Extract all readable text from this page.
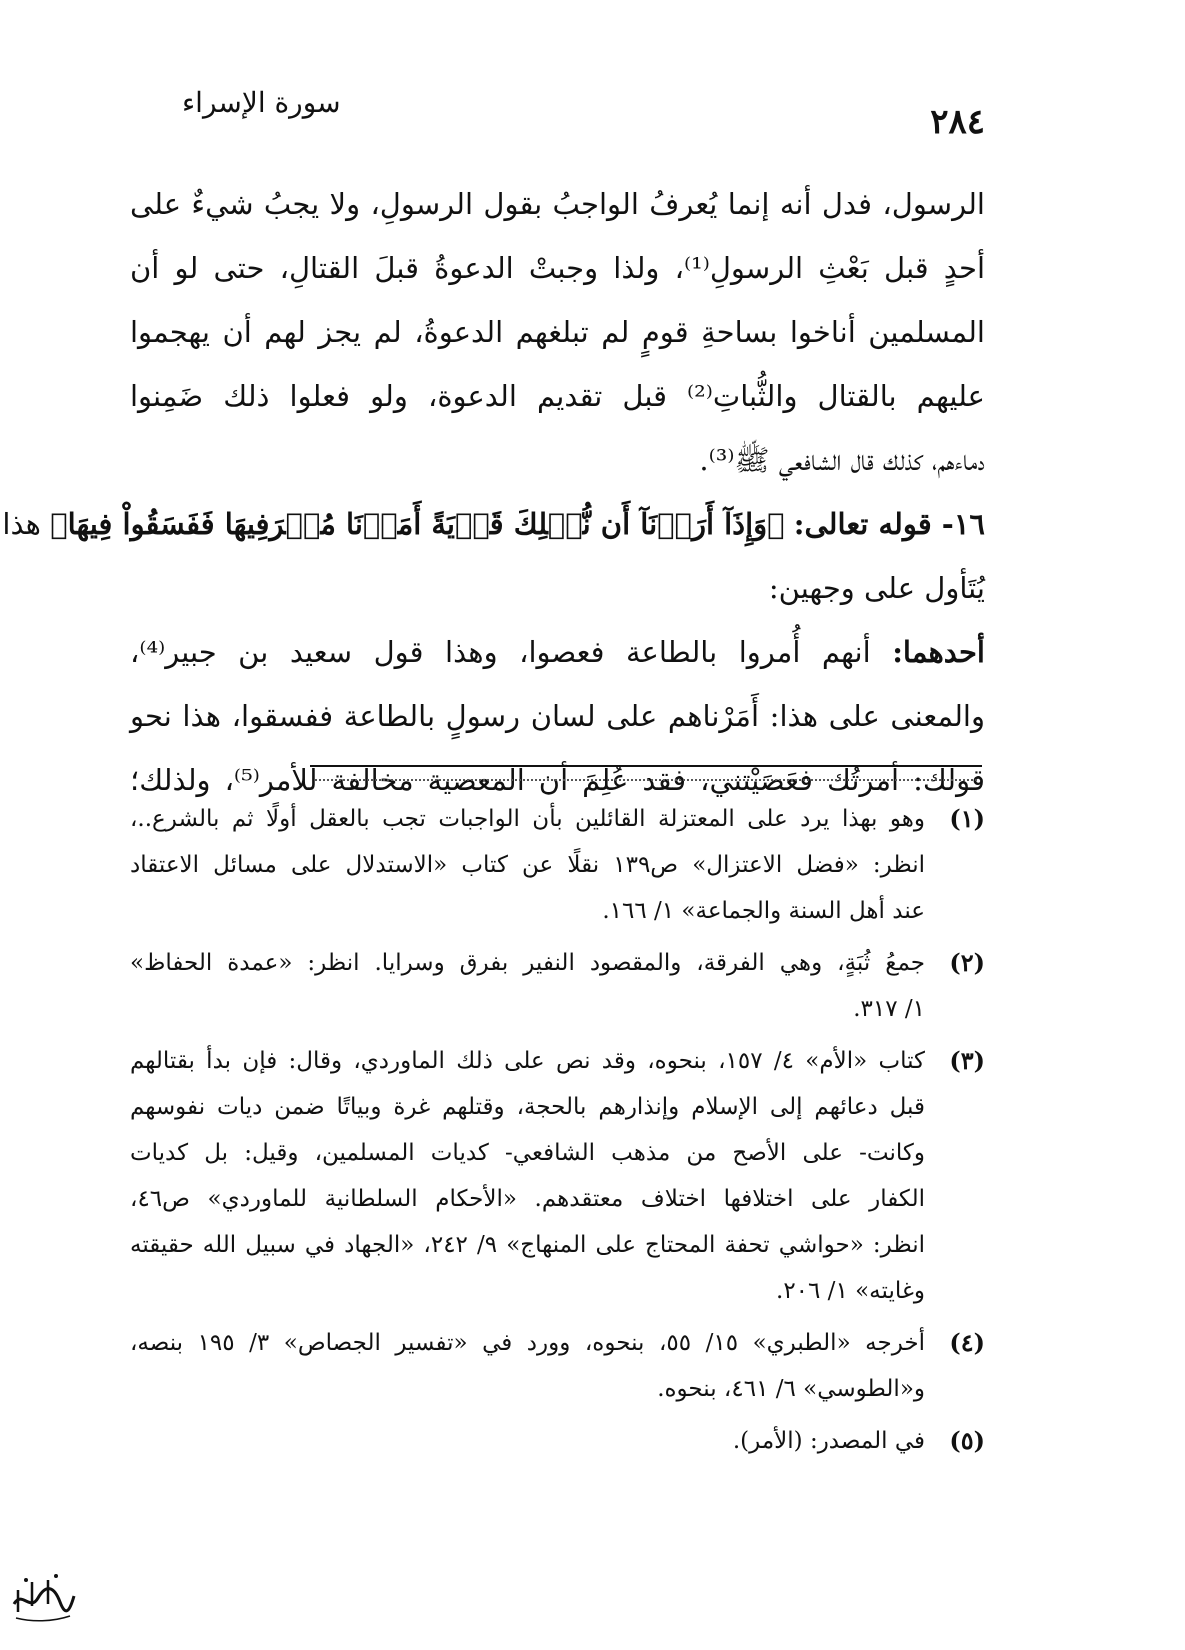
٢٨٤
سورة الإسراء
الرسول، فدل أنه إنما يُعرفُ الواجبُ بقول الرسولِ، ولا يجبُ شيءٌ على
أحدٍ قبل بَعْثِ الرسولِ⁽¹⁾، ولذا وجبتْ الدعوةُ قبلَ القتالِ، حتى لو أن
المسلمين أناخوا بساحةِ قومٍ لم تبلغهم الدعوةُ، لم يجز لهم أن يهجموا
عليهم بالقتال والثُّباتِ⁽²⁾ قبل تقديم الدعوة، ولو فعلوا ذلك ضَمِنوا
دماءهم، كذلك قال الشافعي ﷺ⁽³⁾.
١٦- قوله تعالى: ﴿وَإِذَآ أَرَدۡنَآ أَن نُّهۡلِكَ قَرۡيَةً أَمَرۡنَا مُتۡرَفِيهَا فَفَسَقُواْ فِيهَا﴾ هذا
يُتَأول على وجهين:
أحدهما: أنهم أُمروا بالطاعة فعصوا، وهذا قول سعيد بن جبير⁽⁴⁾،
والمعنى على هذا: أَمَرْناهم على لسان رسولٍ بالطاعة ففسقوا، هذا نحو
قولك: أمرتُك فعَصَيْتني، فقد عُلِمَ أن المعصية مخالفة للأمر⁽⁵⁾، ولذلك؛
(١)
وهو بهذا يرد على المعتزلة القائلين بأن الواجبات تجب بالعقل أولًا ثم بالشرع..،
انظر: «فضل الاعتزال» ص١٣٩ نقلًا عن كتاب «الاستدلال على مسائل الاعتقاد
عند أهل السنة والجماعة» ١/ ١٦٦.
(٢)
جمعُ ثُبَةٍ، وهي الفرقة، والمقصود النفير بفرق وسرايا. انظر: «عمدة الحفاظ»
١/ ٣١٧.
(٣)
كتاب «الأم» ٤/ ١٥٧، بنحوه، وقد نص على ذلك الماوردي، وقال: فإن بدأ بقتالهم
قبل دعائهم إلى الإسلام وإنذارهم بالحجة، وقتلهم غرة وبياتًا ضمن ديات نفوسهم
وكانت- على الأصح من مذهب الشافعي- كديات المسلمين، وقيل: بل كديات
الكفار على اختلافها اختلاف معتقدهم. «الأحكام السلطانية للماوردي» ص٤٦،
انظر: «حواشي تحفة المحتاج على المنهاج» ٩/ ٢٤٢، «الجهاد في سبيل الله حقيقته
وغايته» ١/ ٢٠٦.
(٤)
أخرجه «الطبري» ١٥/ ٥٥، بنحوه، وورد في «تفسير الجصاص» ٣/ ١٩٥ بنصه،
و«الطوسي» ٦/ ٤٦١، بنحوه.
(٥)
في المصدر: (الأمر).
